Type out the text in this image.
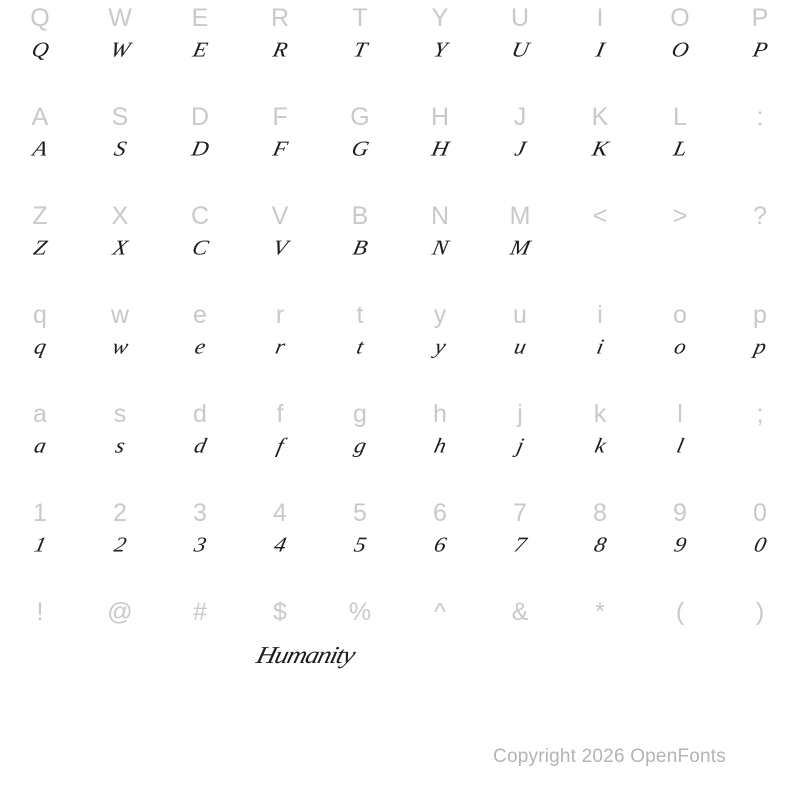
Q	W	E	R	T	Y	U	I	O	P
Q	W	E	R	T	Y	U	I	O	P
A	S	D	F	G	H	J	K	L	:
A	S	D	F	G	H	J	K	L
Z	X	C	V	B	N	M	<	>	?
Z	X	C	V	B	N	M
q	w	e	r	t	y	u	i	o	p
q	w	e	r	t	y	u	i	o	p
a	s	d	f	g	h	j	k	l	;
a	s	d	f	g	h	j	k	l
1	2	3	4	5	6	7	8	9	0
1	2	3	4	5	6	7	8	9	0
!	@	#	$	%	^	&	*	(	)
Humanity
Copyright 2026 OpenFonts
